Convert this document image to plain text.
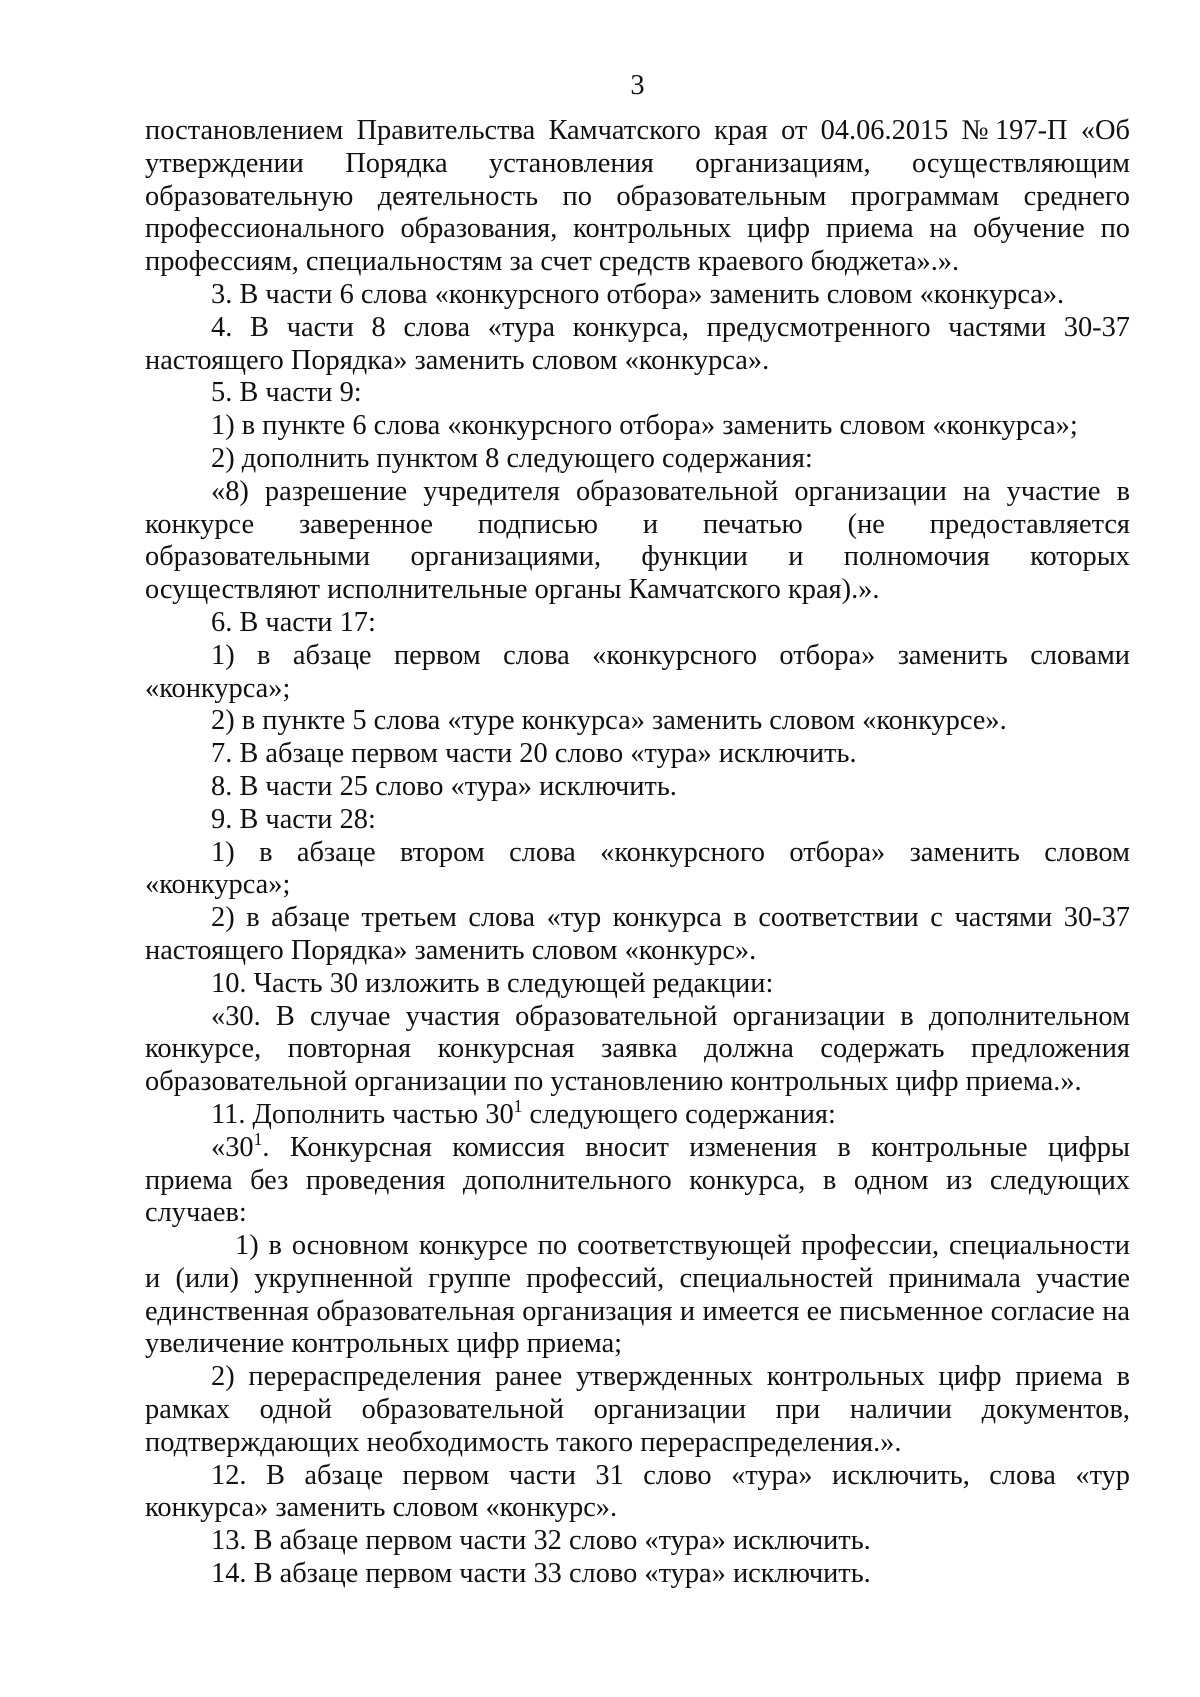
3

постановлением Правительства Камчатского края от 04.06.2015 №197-П «Об утверждении Порядка установления организациям, осуществляющим образовательную деятельность по образовательным программам среднего профессионального образования, контрольных цифр приема на обучение по профессиям, специальностям за счет средств краевого бюджета».».

3. В части 6 слова «конкурсного отбора» заменить словом «конкурса».

4. В части 8 слова «тура конкурса, предусмотренного частями 30-37 настоящего Порядка» заменить словом «конкурса».

5. В части 9:

1) в пункте 6 слова «конкурсного отбора» заменить словом «конкурса»;

2) дополнить пунктом 8 следующего содержания:

«8) разрешение учредителя образовательной организации на участие в конкурсе заверенное подписью и печатью (не предоставляется образовательными организациями, функции и полномочия которых осуществляют исполнительные органы Камчатского края).».

6. В части 17:

1) в абзаце первом слова «конкурсного отбора» заменить словами «конкурса»;

2) в пункте 5 слова «туре конкурса» заменить словом «конкурсе».

7. В абзаце первом части 20 слово «тура» исключить.

8. В части 25 слово «тура» исключить.

9. В части 28:

1) в абзаце втором слова «конкурсного отбора» заменить словом «конкурса»;

2) в абзаце третьем слова «тур конкурса в соответствии с частями 30-37 настоящего Порядка» заменить словом «конкурс».

10. Часть 30 изложить в следующей редакции:

«30. В случае участия образовательной организации в дополнительном конкурсе, повторная конкурсная заявка должна содержать предложения образовательной организации по установлению контрольных цифр приема.».

11. Дополнить частью $30^1$ следующего содержания:

«$30^1$. Конкурсная комиссия вносит изменения в контрольные цифры приема без проведения дополнительного конкурса, в одном из следующих случаев:

1) в основном конкурсе по соответствующей профессии, специальности и (или) укрупненной группе профессий, специальностей принимала участие единственная образовательная организация и имеется ее письменное согласие на увеличение контрольных цифр приема;

2) перераспределения ранее утвержденных контрольных цифр приема в рамках одной образовательной организации при наличии документов, подтверждающих необходимость такого перераспределения.».

12. В абзаце первом части 31 слово «тура» исключить, слова «тур конкурса» заменить словом «конкурс».

13. В абзаце первом части 32 слово «тура» исключить.

14. В абзаце первом части 33 слово «тура» исключить.
